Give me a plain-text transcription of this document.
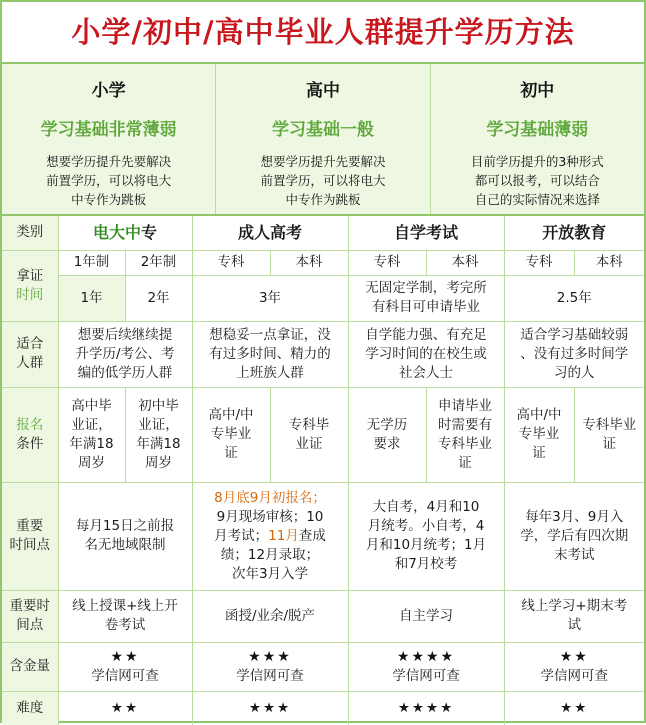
小学/初中/高中毕业人群提升学历方法
小学
学习基础非常薄弱
想要学历提升先要解决
前置学历，可以将电大
中专作为跳板
高中
学习基础一般
想要学历提升先要解决
前置学历，可以将电大
中专作为跳板
初中
学习基础薄弱
目前学历提升的3种形式
都可以报考，可以结合
自己的实际情况来选择
类别	电大中专		成人高考		自学考试		开放教育	

拿证
时间	1年制	2年制	专科	本科	专科	本科	专科	本科
	1年	2年	3年		无固定学制，考完所
有科目可申请毕业		2.5年	

适合
人群	想要后续继续提
升学历/考公、考
编的低学历人群		想稳妥一点拿证，没
有过多时间、精力的
上班族人群		自学能力强、有充足
学习时间的在校生或
社会人士		适合学习基础较弱
、没有过多时间学
习的人	

报名
条件	高中毕
业证，
年满18
周岁	初中毕
业证，
年满18
周岁	高中/中
专毕业
证	专科毕
业证	无学历
要求	申请毕业
时需要有
专科毕业
证	高中/中
专毕业
证	专科毕业
证

重要
时间点	每月15日之前报
名无地域限制		8月底9月初报名；
9月现场审核；10
月考试；11月查成
绩；12月录取；
次年3月入学		大自考，4月和10
月统考。小自考，4
月和10月统考；1月
和7月校考		每年3月、9月入
学，学后有四次期
末考试	

重要时间点	线上授课+线上开
卷考试		函授/业余/脱产		自主学习		线上学习+期末考
试	

含金量	★★
学信网可查		★★★
学信网可查		★★★★
学信网可查		★★
学信网可查	

难度	★★		★★★		★★★★		★★	
